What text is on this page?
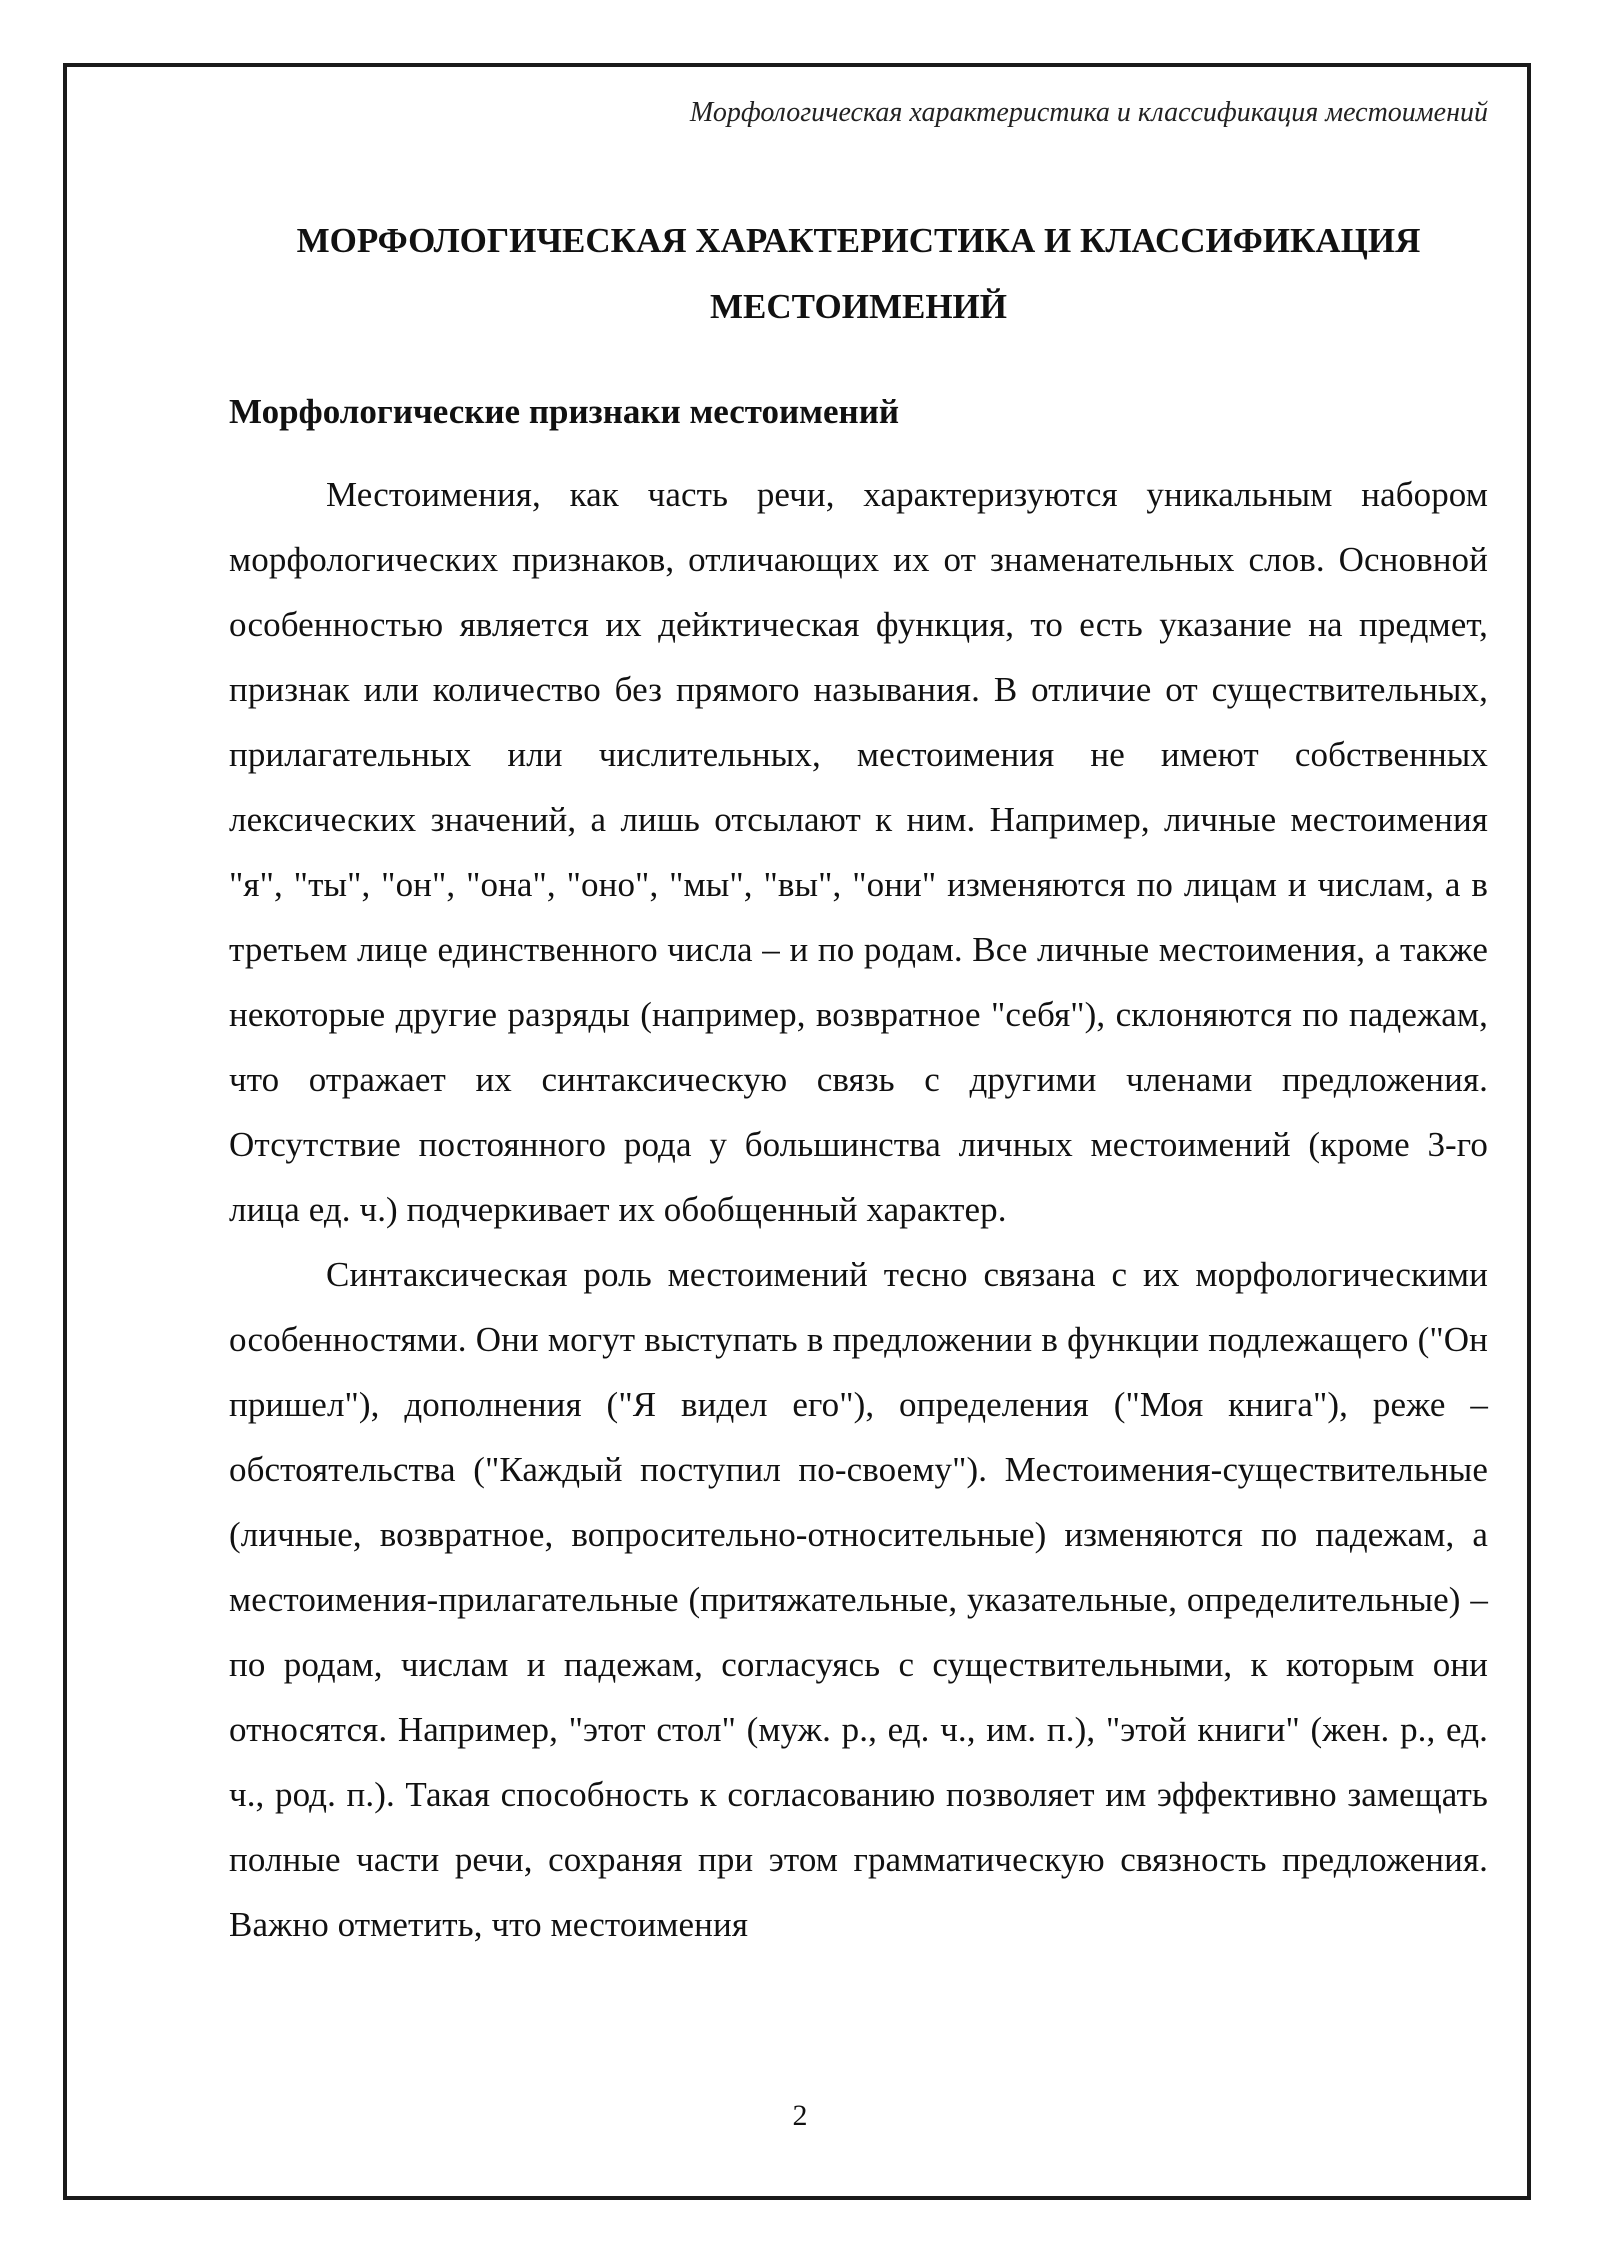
Морфологическая характеристика и классификация местоимений
МОРФОЛОГИЧЕСКАЯ ХАРАКТЕРИСТИКА И КЛАССИФИКАЦИЯ
МЕСТОИМЕНИЙ
Морфологические признаки местоимений

Местоимения, как часть речи, характеризуются уникальным набором морфологических признаков, отличающих их от знаменательных слов. Основной особенностью является их дейктическая функция, то есть указание на предмет, признак или количество без прямого называния. В отличие от существительных, прилагательных или числительных, местоимения не имеют собственных лексических значений, а лишь отсылают к ним. Например, личные местоимения "я", "ты", "он", "она", "оно", "мы", "вы", "они" изменяются по лицам и числам, а в третьем лице единственного числа – и по родам. Все личные местоимения, а также некоторые другие разряды (например, возвратное "себя"), склоняются по падежам, что отражает их синтаксическую связь с другими членами предложения. Отсутствие постоянного рода у большинства личных местоимений (кроме 3-го лица ед. ч.) подчеркивает их обобщенный характер.

Синтаксическая роль местоимений тесно связана с их морфологическими особенностями. Они могут выступать в предложении в функции подлежащего ("Он пришел"), дополнения ("Я видел его"), определения ("Моя книга"), реже – обстоятельства ("Каждый поступил по-своему"). Местоимения-существительные (личные, возвратное, вопросительно-относительные) изменяются по падежам, а местоимения-прилагательные (притяжательные, указательные, определительные) – по родам, числам и падежам, согласуясь с существительными, к которым они относятся. Например, "этот стол" (муж. р., ед. ч., им. п.), "этой книги" (жен. р., ед. ч., род. п.). Такая способность к согласованию позволяет им эффективно замещать полные части речи, сохраняя при этом грамматическую связность предложения. Важно отметить, что местоимения

2
